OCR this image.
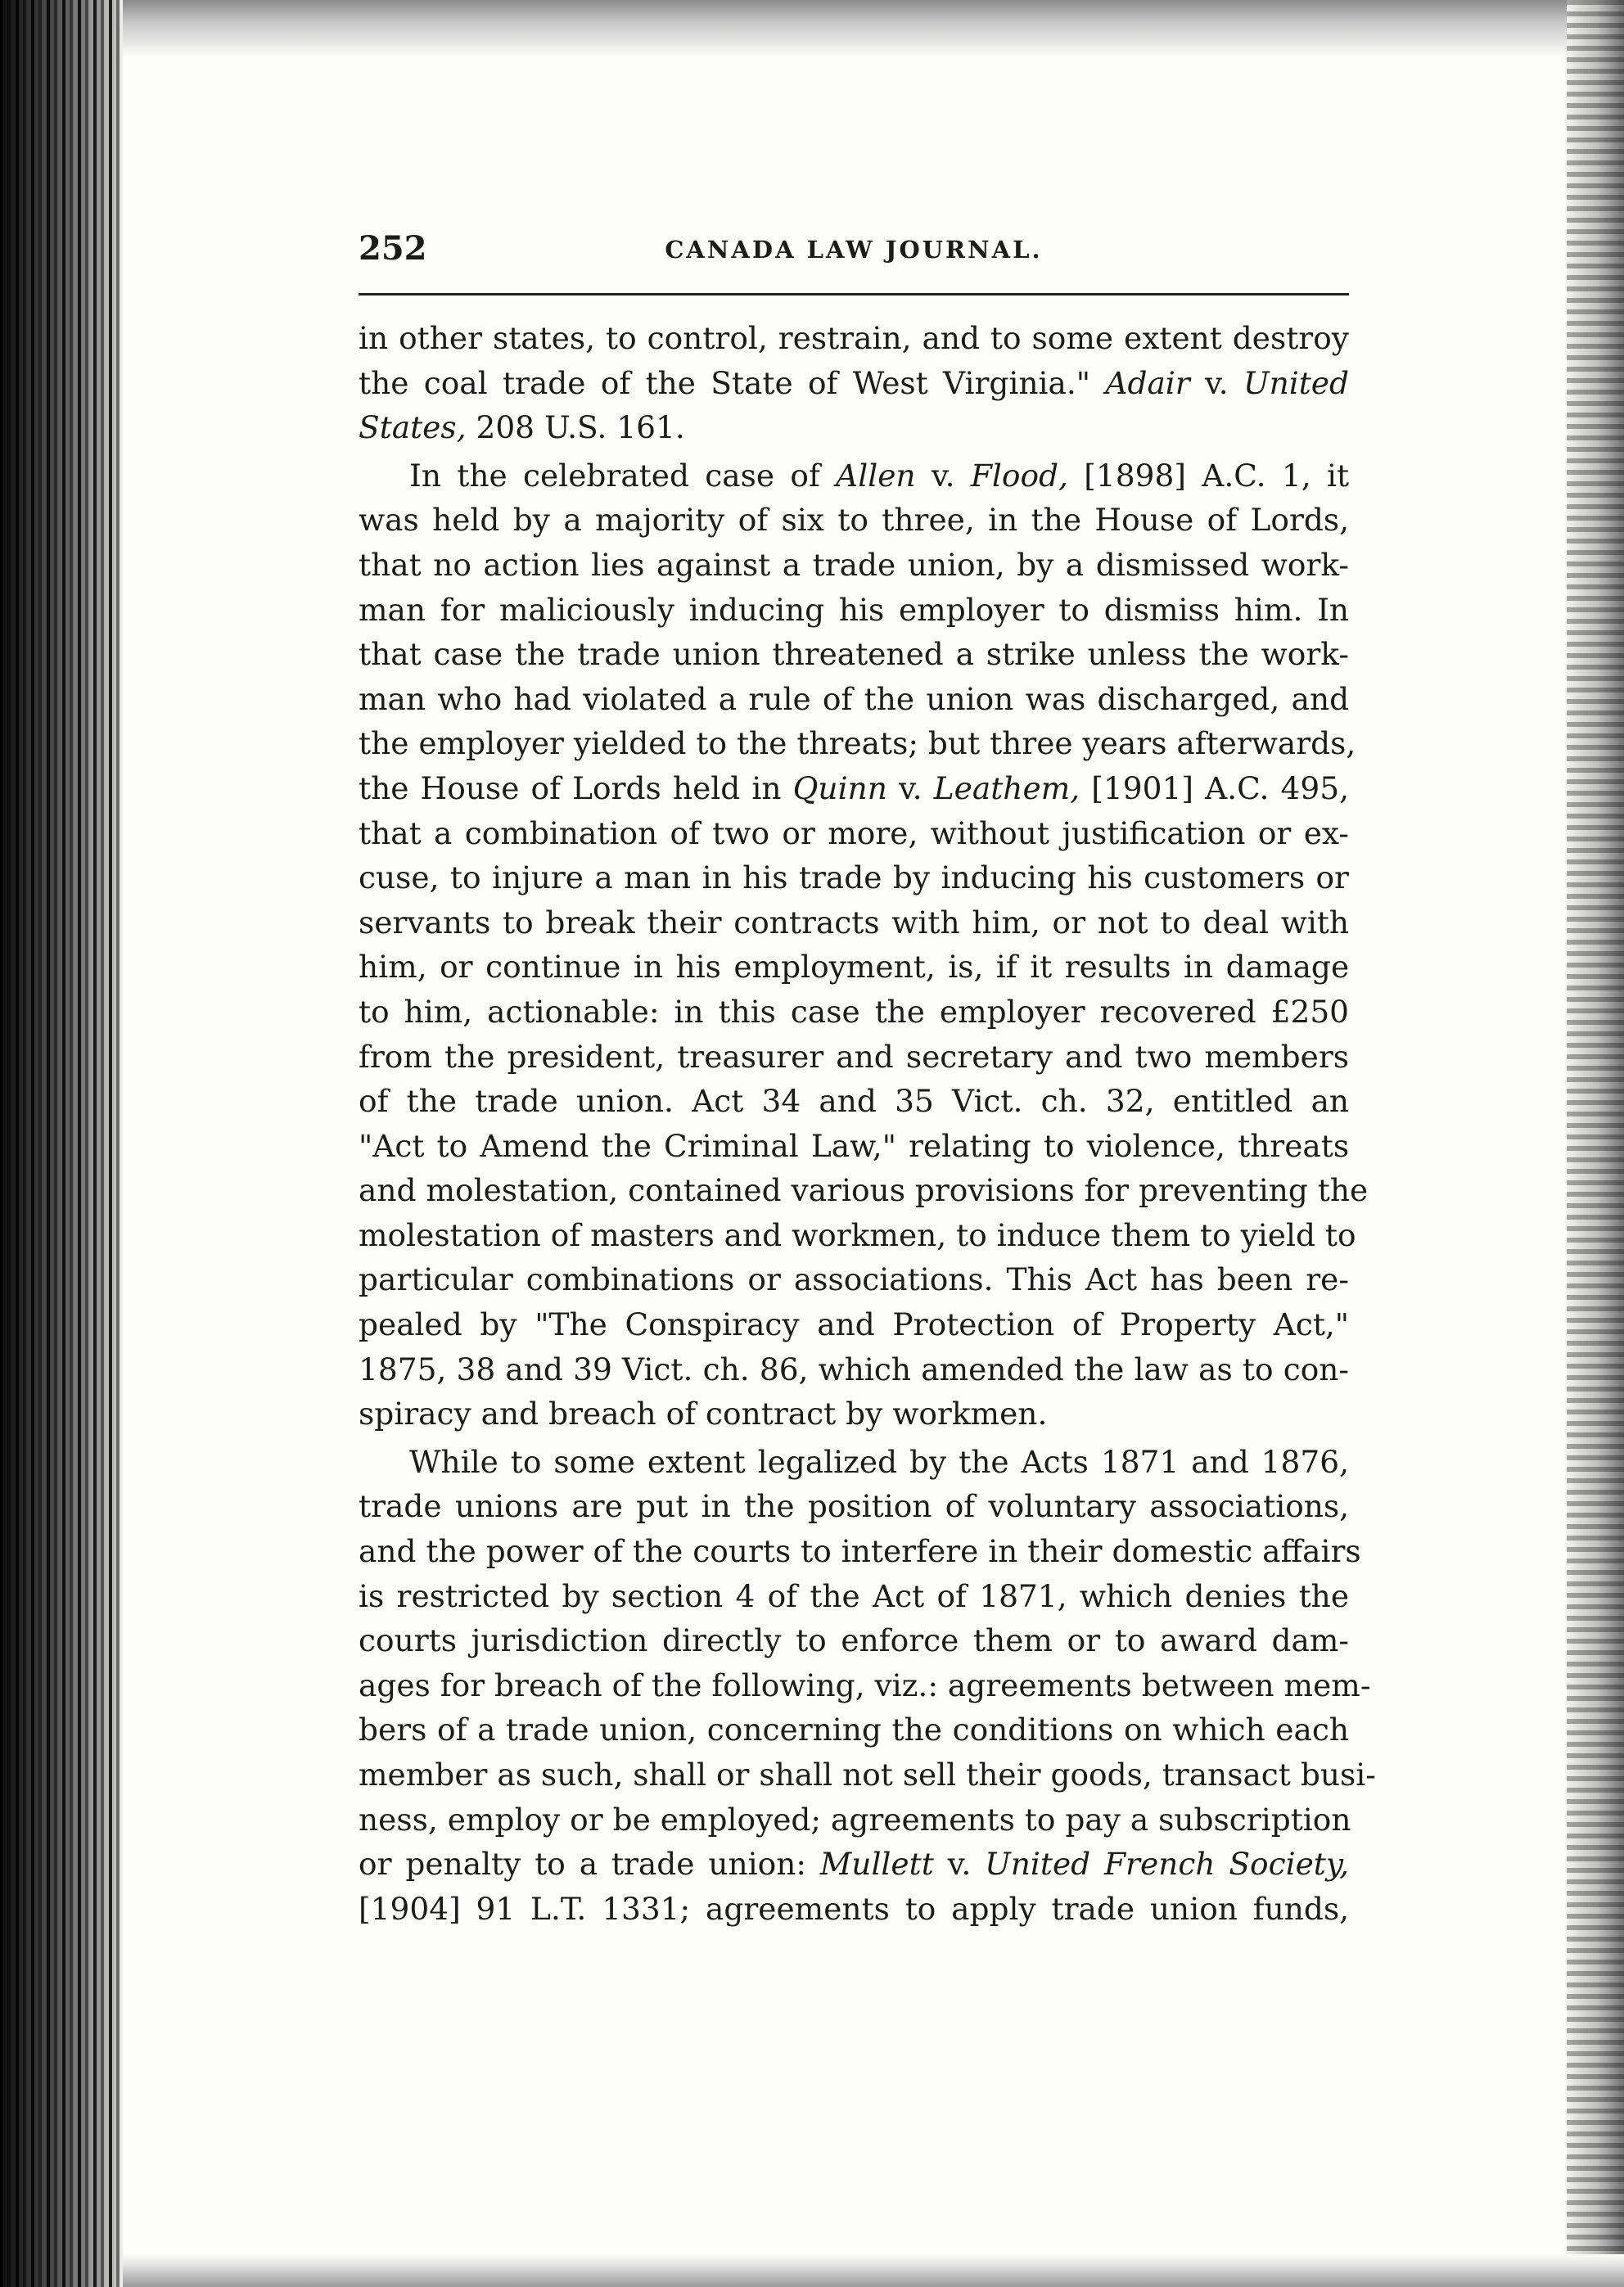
252	CANADA LAW JOURNAL.

in other states, to control, restrain, and to some extent destroy
the coal trade of the State of West Virginia." Adair v. United
States, 208 U.S. 161.

In the celebrated case of Allen v. Flood, [1898] A.C. 1, it
was held by a majority of six to three, in the House of Lords,
that no action lies against a trade union, by a dismissed work-
man for maliciously inducing his employer to dismiss him. In
that case the trade union threatened a strike unless the work-
man who had violated a rule of the union was discharged, and
the employer yielded to the threats; but three years afterwards,
the House of Lords held in Quinn v. Leathem, [1901] A.C. 495,
that a combination of two or more, without justification or ex-
cuse, to injure a man in his trade by inducing his customers or
servants to break their contracts with him, or not to deal with
him, or continue in his employment, is, if it results in damage
to him, actionable: in this case the employer recovered £250
from the president, treasurer and secretary and two members
of the trade union. Act 34 and 35 Vict. ch. 32, entitled an
"Act to Amend the Criminal Law," relating to violence, threats
and molestation, contained various provisions for preventing the
molestation of masters and workmen, to induce them to yield to
particular combinations or associations. This Act has been re-
pealed by "The Conspiracy and Protection of Property Act,"
1875, 38 and 39 Vict. ch. 86, which amended the law as to con-
spiracy and breach of contract by workmen.

While to some extent legalized by the Acts 1871 and 1876,
trade unions are put in the position of voluntary associations,
and the power of the courts to interfere in their domestic affairs
is restricted by section 4 of the Act of 1871, which denies the
courts jurisdiction directly to enforce them or to award dam-
ages for breach of the following, viz.: agreements between mem-
bers of a trade union, concerning the conditions on which each
member as such, shall or shall not sell their goods, transact busi-
ness, employ or be employed; agreements to pay a subscription
or penalty to a trade union: Mullett v. United French Society,
[1904] 91 L.T. 1331; agreements to apply trade union funds,
